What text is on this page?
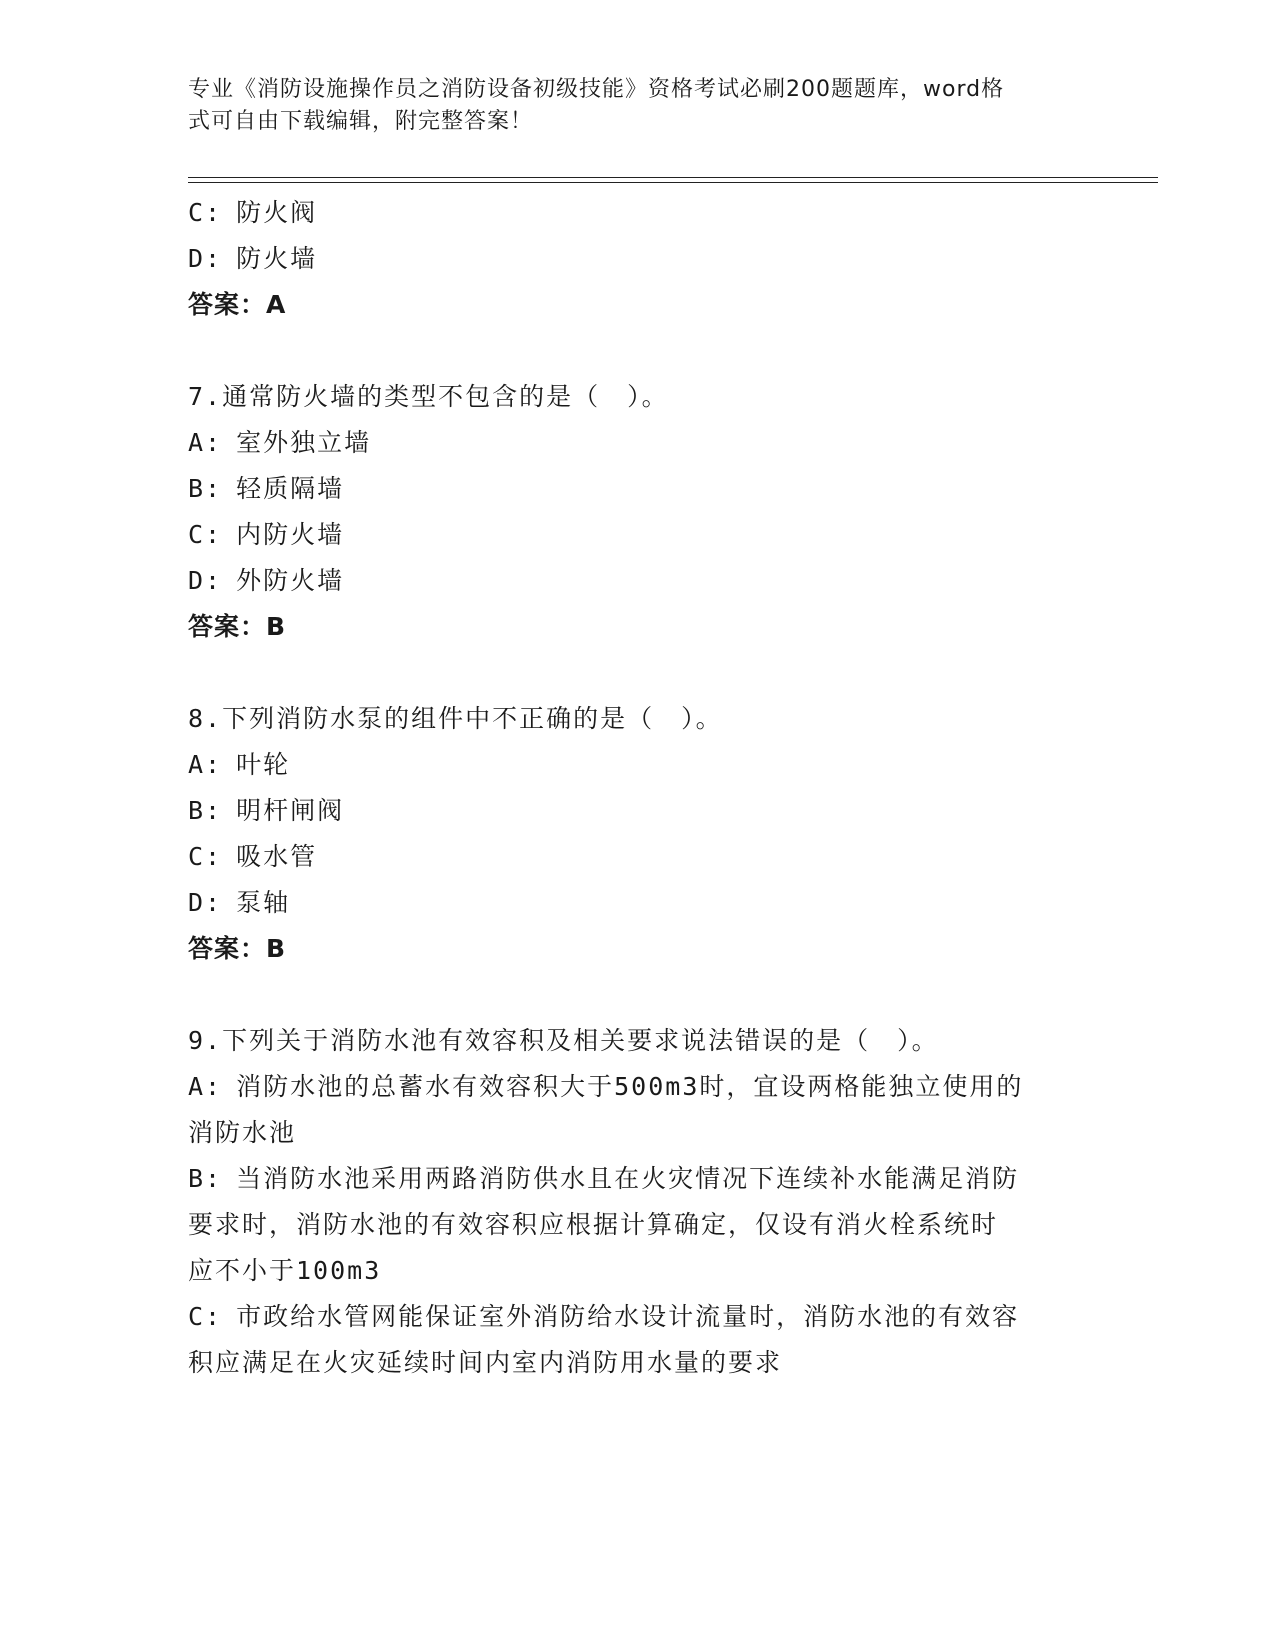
专业《消防设施操作员之消防设备初级技能》资格考试必刷200题题库，word格
式可自由下载编辑，附完整答案！
C: 防火阀
D: 防火墙
答案：A
7.通常防火墙的类型不包含的是（　）。
A: 室外独立墙
B: 轻质隔墙
C: 内防火墙
D: 外防火墙
答案：B
8.下列消防水泵的组件中不正确的是（　）。
A: 叶轮
B: 明杆闸阀
C: 吸水管
D: 泵轴
答案：B
9.下列关于消防水池有效容积及相关要求说法错误的是（　）。
A: 消防水池的总蓄水有效容积大于500m3时，宜设两格能独立使用的
消防水池
B: 当消防水池采用两路消防供水且在火灾情况下连续补水能满足消防
要求时，消防水池的有效容积应根据计算确定，仅设有消火栓系统时
应不小于100m3
C: 市政给水管网能保证室外消防给水设计流量时，消防水池的有效容
积应满足在火灾延续时间内室内消防用水量的要求
